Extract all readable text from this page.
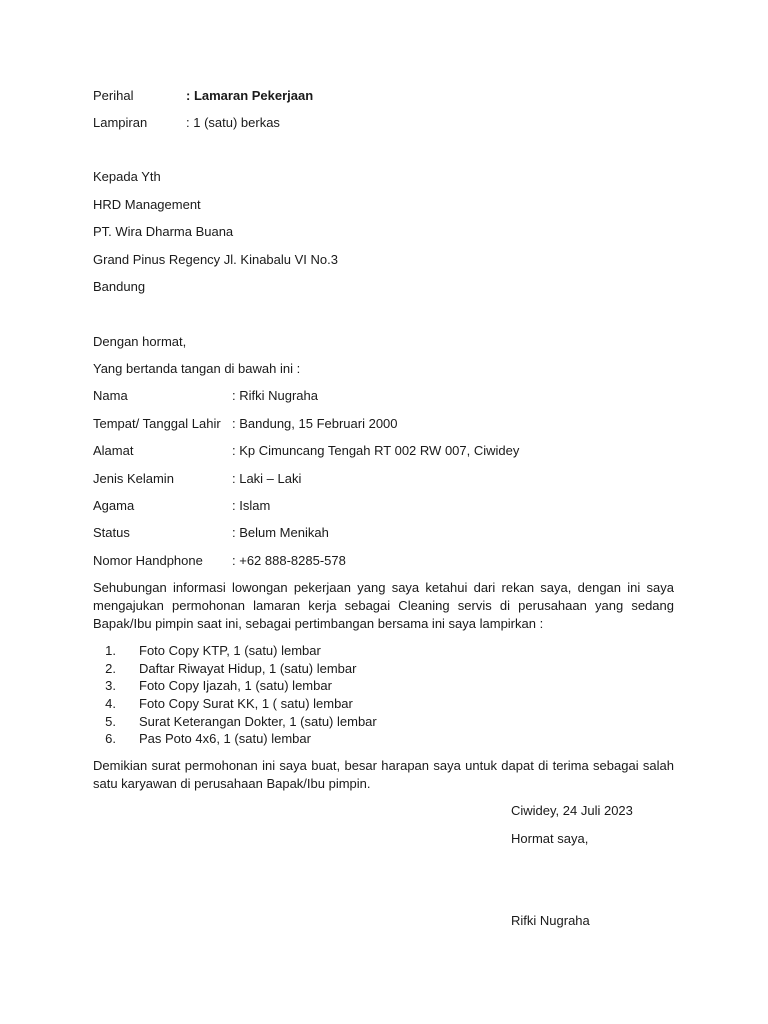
Perihal	: Lamaran Pekerjaan
Lampiran	: 1 (satu) berkas
Kepada Yth
HRD Management
PT. Wira Dharma Buana
Grand Pinus Regency Jl. Kinabalu VI No.3
Bandung
Dengan hormat,
Yang bertanda tangan di bawah ini :
Nama	: Rifki Nugraha
Tempat/ Tanggal Lahir : Bandung, 15 Februari 2000
Alamat	: Kp Cimuncang Tengah RT 002 RW 007, Ciwidey
Jenis Kelamin	: Laki – Laki
Agama	: Islam
Status	: Belum Menikah
Nomor Handphone : +62 888-8285-578
Sehubungan informasi lowongan pekerjaan yang saya ketahui dari rekan saya, dengan ini saya mengajukan permohonan lamaran kerja sebagai Cleaning servis di perusahaan yang sedang Bapak/Ibu pimpin saat ini, sebagai pertimbangan bersama ini saya lampirkan :
1. Foto Copy KTP, 1 (satu) lembar
2. Daftar Riwayat Hidup, 1 (satu) lembar
3. Foto Copy Ijazah, 1 (satu) lembar
4. Foto Copy Surat KK, 1 ( satu) lembar
5. Surat Keterangan Dokter, 1 (satu) lembar
6. Pas Poto 4x6, 1 (satu) lembar
Demikian surat permohonan ini saya buat, besar harapan saya untuk dapat di terima sebagai salah satu karyawan di perusahaan Bapak/Ibu pimpin.
Ciwidey, 24 Juli 2023
Hormat saya,
Rifki Nugraha
